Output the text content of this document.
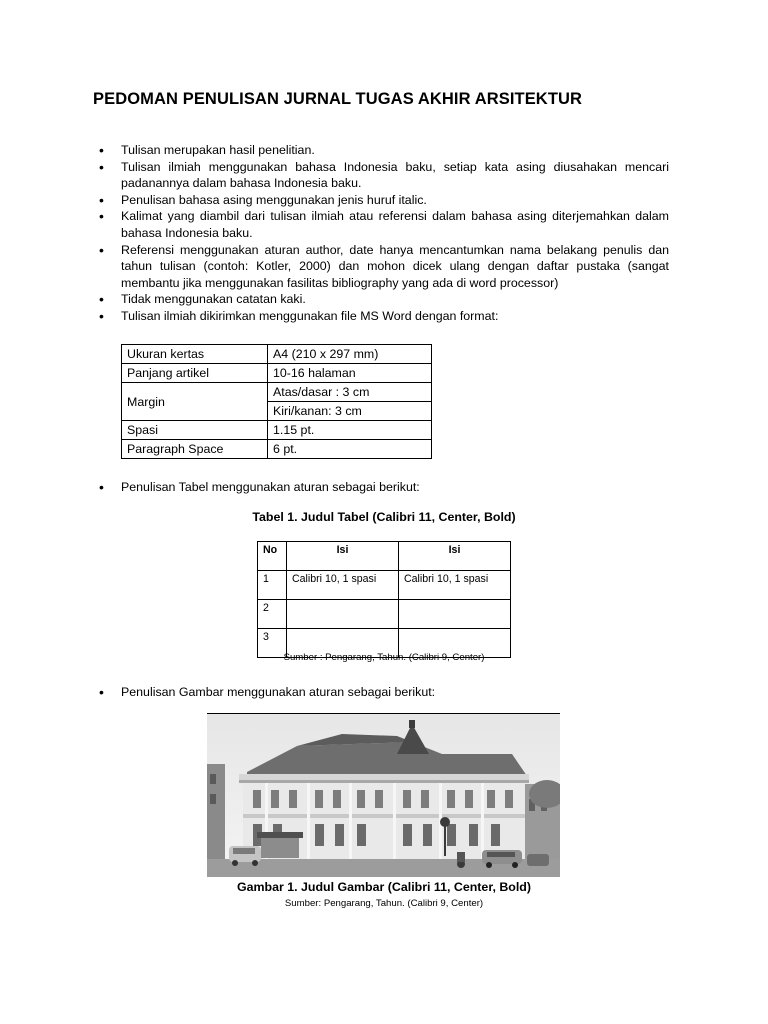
PEDOMAN PENULISAN JURNAL TUGAS AKHIR ARSITEKTUR
• Tulisan merupakan hasil penelitian.
• Tulisan ilmiah menggunakan bahasa Indonesia baku, setiap kata asing diusahakan mencari padanannya dalam bahasa Indonesia baku.
• Penulisan bahasa asing menggunakan jenis huruf italic.
• Kalimat yang diambil dari tulisan ilmiah atau referensi dalam bahasa asing diterjemahkan dalam bahasa Indonesia baku.
• Referensi menggunakan aturan author, date hanya mencantumkan nama belakang penulis dan tahun tulisan (contoh: Kotler, 2000) dan mohon dicek ulang dengan daftar pustaka (sangat membantu jika menggunakan fasilitas bibliography yang ada di word processor)
• Tidak menggunakan catatan kaki.
• Tulisan ilmiah dikirimkan menggunakan file MS Word dengan format:
Ukuran kertas	A4 (210 x 297 mm)
Panjang artikel	10-16 halaman
Margin	Atas/dasar : 3 cm
	Kiri/kanan: 3 cm
Spasi	1.15 pt.
Paragraph Space	6 pt.
• Penulisan Tabel menggunakan aturan sebagai berikut:
Tabel 1. Judul Tabel (Calibri 11, Center, Bold)
No	Isi	Isi
1	Calibri 10, 1 spasi	Calibri 10, 1 spasi
2		
3		
Sumber : Pengarang, Tahun. (Calibri 9, Center)
• Penulisan Gambar menggunakan aturan sebagai berikut:
Gambar 1. Judul Gambar (Calibri 11, Center, Bold)
Sumber: Pengarang, Tahun. (Calibri 9, Center)
